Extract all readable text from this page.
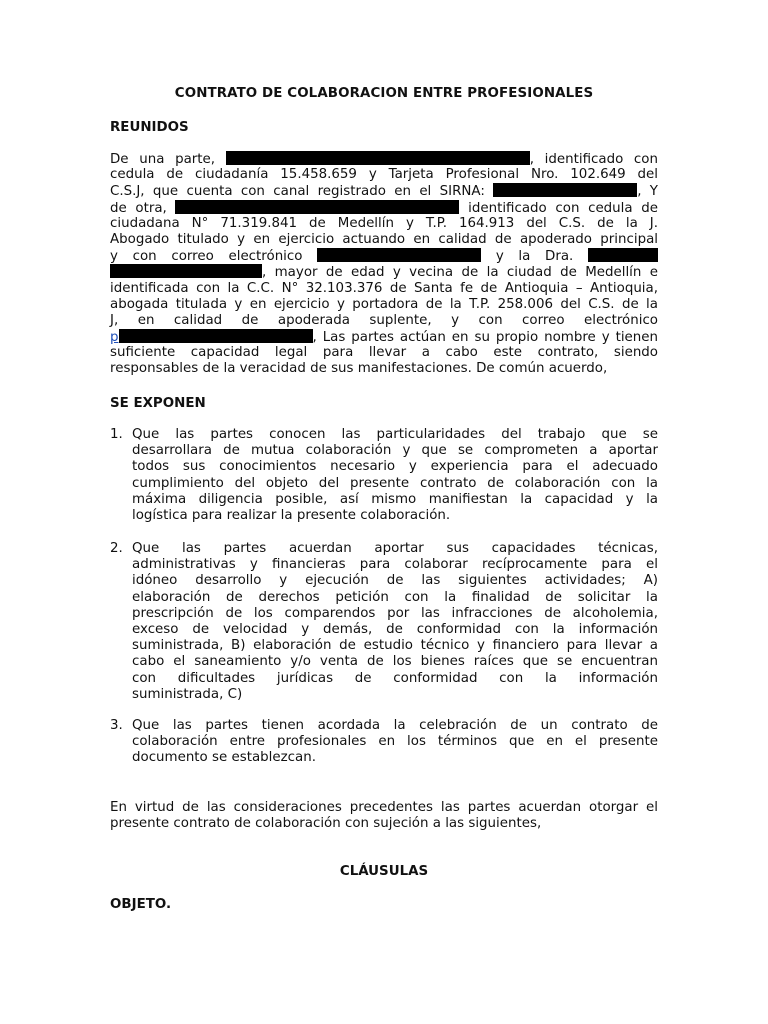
CONTRATO DE COLABORACION ENTRE PROFESIONALES
REUNIDOS
De una parte,	, identificado con
cedula de ciudadanía 15.458.659 y Tarjeta Profesional Nro. 102.649 del
C.S.J, que cuenta con canal registrado en el SIRNA:	, Y
de otra,	identificado con cedula de
ciudadana N° 71.319.841 de Medellín y T.P. 164.913 del C.S. de la J.
Abogado titulado y en ejercicio actuando en calidad de apoderado principal
y con correo electrónico	y la Dra.
, mayor de edad y vecina de la ciudad de Medellín e
identificada con la C.C. N° 32.103.376 de Santa fe de Antioquia – Antioquia,
abogada titulada y en ejercicio y portadora de la T.P. 258.006 del C.S. de la
J, en calidad de apoderada suplente, y con correo electrónico
p	, Las partes actúan en su propio nombre y tienen
suficiente capacidad legal para llevar a cabo este contrato, siendo
responsables de la veracidad de sus manifestaciones. De común acuerdo,
SE EXPONEN
1. Que las partes conocen las particularidades del trabajo que se
desarrollara de mutua colaboración y que se comprometen a aportar
todos sus conocimientos necesario y experiencia para el adecuado
cumplimiento del objeto del presente contrato de colaboración con la
máxima diligencia posible, así mismo manifiestan la capacidad y la
logística para realizar la presente colaboración.
2. Que las partes acuerdan aportar sus capacidades técnicas,
administrativas y financieras para colaborar recíprocamente para el
idóneo desarrollo y ejecución de las siguientes actividades; A)
elaboración de derechos petición con la finalidad de solicitar la
prescripción de los comparendos por las infracciones de alcoholemia,
exceso de velocidad y demás, de conformidad con la información
suministrada, B) elaboración de estudio técnico y financiero para llevar a
cabo el saneamiento y/o venta de los bienes raíces que se encuentran
con dificultades jurídicas de conformidad con la información
suministrada, C)
3. Que las partes tienen acordada la celebración de un contrato de
colaboración entre profesionales en los términos que en el presente
documento se establezcan.
En virtud de las consideraciones precedentes las partes acuerdan otorgar el
presente contrato de colaboración con sujeción a las siguientes,
CLÁUSULAS
OBJETO.
